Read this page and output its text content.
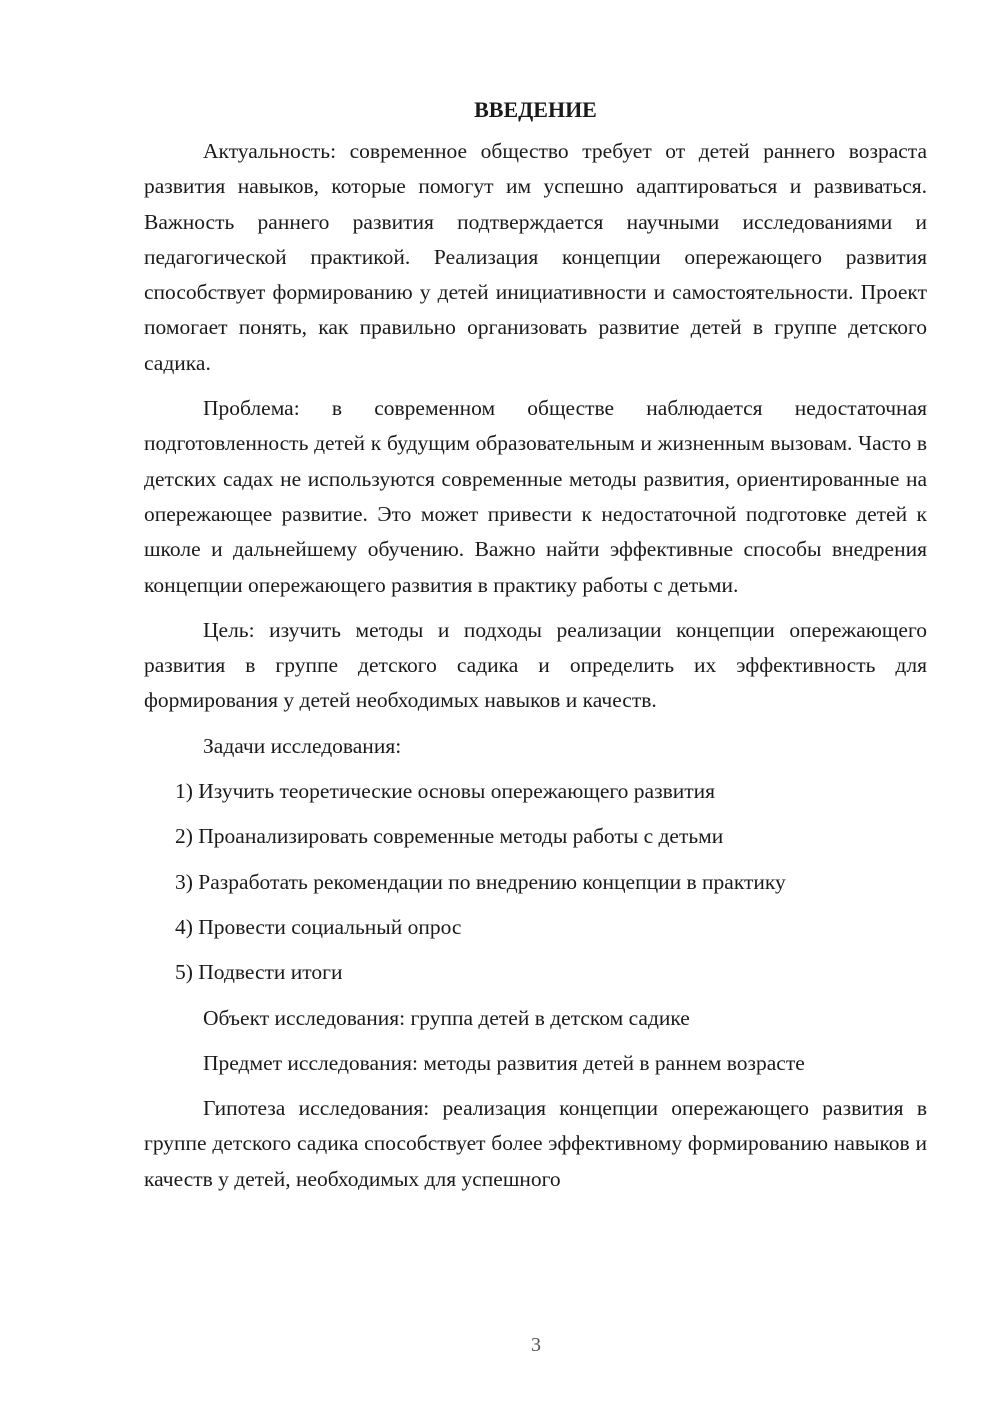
ВВЕДЕНИЕ

Актуальность: современное общество требует от детей раннего возраста развития навыков, которые помогут им успешно адаптироваться и развиваться. Важность раннего развития подтверждается научными исследованиями и педагогической практикой. Реализация концепции опережающего развития способствует формированию у детей инициативности и самостоятельности. Проект помогает понять, как правильно организовать развитие детей в группе детского садика.

Проблема: в современном обществе наблюдается недостаточная подготовленность детей к будущим образовательным и жизненным вызовам. Часто в детских садах не используются современные методы развития, ориентированные на опережающее развитие. Это может привести к недостаточной подготовке детей к школе и дальнейшему обучению. Важно найти эффективные способы внедрения концепции опережающего развития в практику работы с детьми.

Цель: изучить методы и подходы реализации концепции опережающего развития в группе детского садика и определить их эффективность для формирования у детей необходимых навыков и качеств.

Задачи исследования:

1) Изучить теоретические основы опережающего развития
2) Проанализировать современные методы работы с детьми
3) Разработать рекомендации по внедрению концепции в практику
4) Провести социальный опрос
5) Подвести итоги

Объект исследования: группа детей в детском садике

Предмет исследования: методы развития детей в раннем возрасте

Гипотеза исследования: реализация концепции опережающего развития в группе детского садика способствует более эффективному формированию навыков и качеств у детей, необходимых для успешного

3
